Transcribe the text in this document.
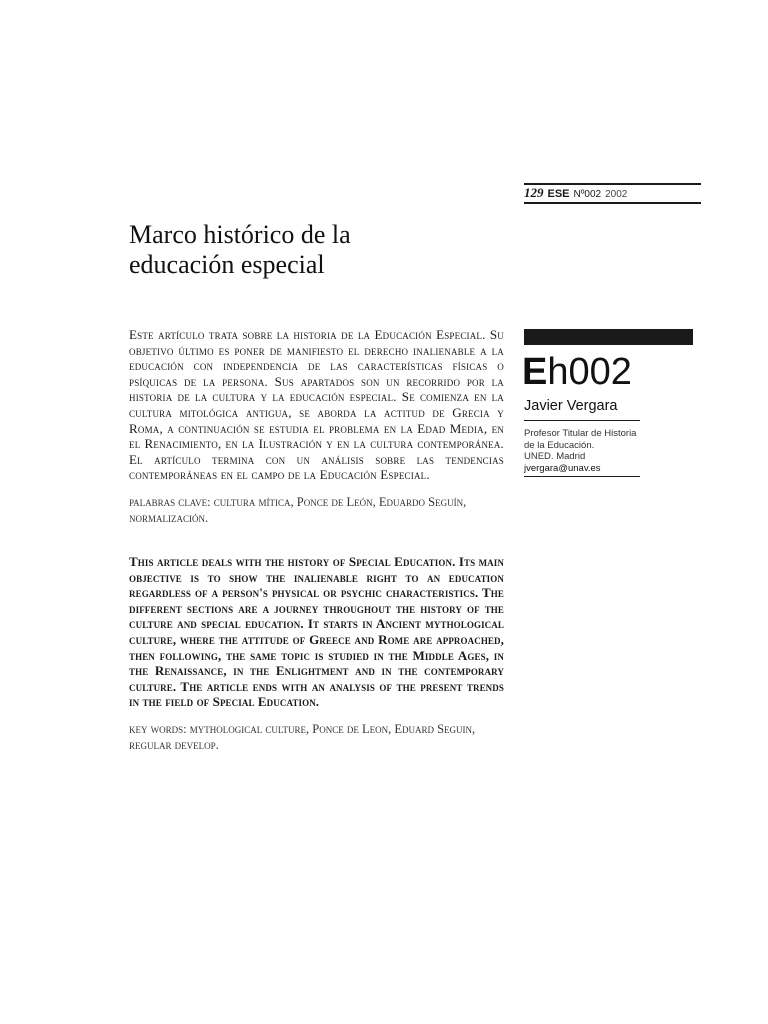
129 ESE Nº002 2002
Marco histórico de la
educación especial

Este artículo trata sobre la historia de la Educación Especial. Su objetivo último es poner de manifiesto el derecho inalienable a la educación con independencia de las características físicas o psíquicas de la persona. Sus apartados son un recorrido por la historia de la cultura y la educación especial. Se comienza en la cultura mitológica antigua, se aborda la actitud de Grecia y Roma, a continuación se estudia el problema en la Edad Media, en el Renacimiento, en la Ilustración y en la cultura contemporánea. El artículo termina con un análisis sobre las tendencias contemporáneas en el campo de la Educación Especial.

palabras clave: cultura mítica, Ponce de León, Eduardo Seguín, normalización.

This article deals with the history of Special Education. Its main objective is to show the inalienable right to an education regardless of a person's physical or psychic characteristics. The different sections are a journey throughout the history of the culture and special education. It starts in Ancient mythological culture, where the attitude of Greece and Rome are approached, then following, the same topic is studied in the Middle Ages, in the Renaissance, in the Enlightment and in the contemporary culture. The article ends with an analysis of the present trends in the field of Special Education.

key words: mythological culture, Ponce de Leon, Eduard Seguin, regular develop.

Eh002
Javier Vergara
Profesor Titular de Historia
de la Educación.
UNED. Madrid
jvergara@unav.es
